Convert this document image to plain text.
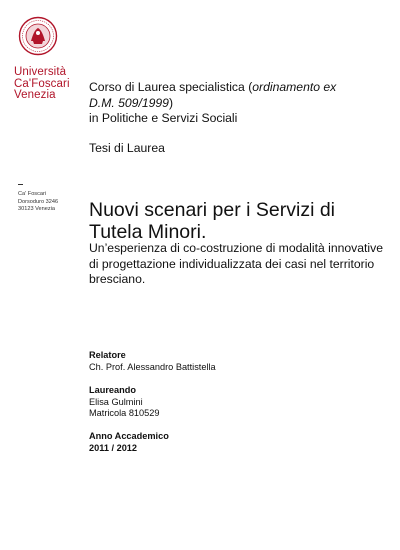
Università
Ca'Foscari
Venezia
Ca' Foscari
Dorsoduro 3246
30123 Venezia
Corso di Laurea specialistica (ordinamento ex
D.M. 509/1999)
in Politiche e Servizi Sociali
Tesi di Laurea
Nuovi scenari per i Servizi di Tutela Minori.
Un’esperienza di co-costruzione di modalità innovative di progettazione individualizzata dei casi nel territorio bresciano.
Relatore
Ch. Prof. Alessandro Battistella
Laureando
Elisa Gulmini
Matricola 810529
Anno Accademico
2011 / 2012
